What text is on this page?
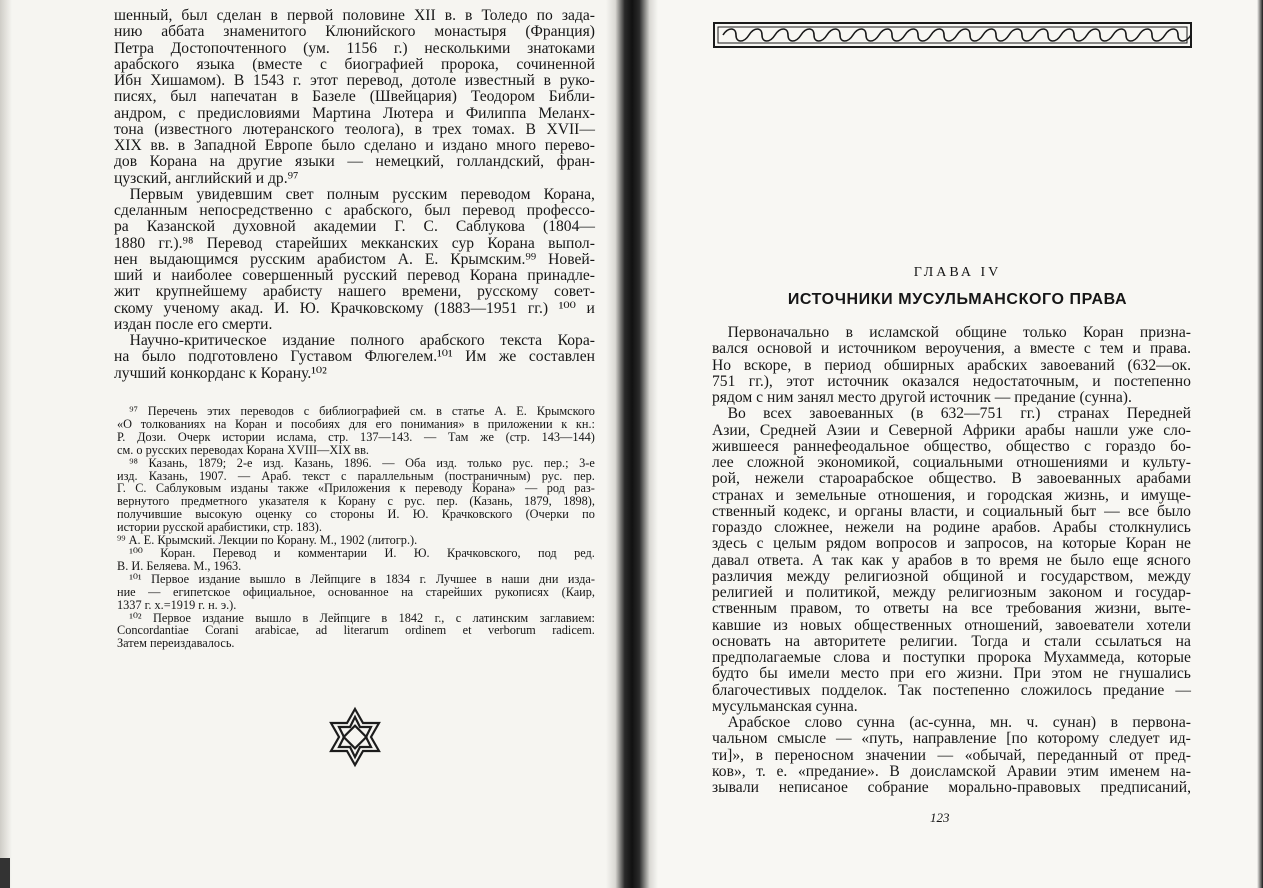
шенный, был сделан в первой половине XII в. в Толедо по зада-
нию аббата знаменитого Клюнийского монастыря (Франция)
Петра Достопочтенного (ум. 1156 г.) несколькими знатоками
арабского языка (вместе с биографией пророка, сочиненной
Ибн Хишамом). В 1543 г. этот перевод, дотоле известный в руко-
писях, был напечатан в Базеле (Швейцария) Теодором Библи-
андром, с предисловиями Мартина Лютера и Филиппа Меланх-
тона (известного лютеранского теолога), в трех томах. В XVII—
XIX вв. в Западной Европе было сделано и издано много перево-
дов Корана на другие языки — немецкий, голландский, фран-
цузский, английский и др.⁹⁷
Первым увидевшим свет полным русским переводом Корана,
сделанным непосредственно с арабского, был перевод профессо-
ра Казанской духовной академии Г. С. Саблукова (1804—
1880 гг.).⁹⁸ Перевод старейших мекканских сур Корана выпол-
нен выдающимся русским арабистом А. Е. Крымским.⁹⁹ Новей-
ший и наиболее совершенный русский перевод Корана принадле-
жит крупнейшему арабисту нашего времени, русскому совет-
скому ученому акад. И. Ю. Крачковскому (1883—1951 гг.) ¹⁰⁰ и
издан после его смерти.
Научно-критическое издание полного арабского текста Кора-
на было подготовлено Густавом Флюгелем.¹⁰¹ Им же составлен
лучший конкорданс к Корану.¹⁰²
⁹⁷ Перечень этих переводов с библиографией см. в статье А. Е. Крымского
«О толкованиях на Коран и пособиях для его понимания» в приложении к кн.:
Р. Дози. Очерк истории ислама, стр. 137—143. — Там же (стр. 143—144)
см. о русских переводах Корана XVIII—XIX вв.
⁹⁸ Казань, 1879; 2-е изд. Казань, 1896. — Оба изд. только рус. пер.; 3-е
изд. Казань, 1907. — Араб. текст с параллельным (постраничным) рус. пер.
Г. С. Саблуковым изданы также «Приложения к переводу Корана» — род раз-
вернутого предметного указателя к Корану с рус. пер. (Казань, 1879, 1898),
получившие высокую оценку со стороны И. Ю. Крачковского (Очерки по
истории русской арабистики, стр. 183).
⁹⁹ А. Е. Крымский. Лекции по Корану. М., 1902 (литогр.).
¹⁰⁰ Коран. Перевод и комментарии И. Ю. Крачковского, под ред.
В. И. Беляева. М., 1963.
¹⁰¹ Первое издание вышло в Лейпциге в 1834 г. Лучшее в наши дни изда-
ние — египетское официальное, основанное на старейших рукописях (Каир,
1337 г. х.=1919 г. н. э.).
¹⁰² Первое издание вышло в Лейпциге в 1842 г., с латинским заглавием:
Concordantiae Corani arabicae, ad literarum ordinem et verborum radicem.
Затем переиздавалось.
ГЛАВА IV
ИСТОЧНИКИ МУСУЛЬМАНСКОГО ПРАВА
Первоначально в исламской общине только Коран призна-
вался основой и источником вероучения, а вместе с тем и права.
Но вскоре, в период обширных арабских завоеваний (632—ок.
751 гг.), этот источник оказался недостаточным, и постепенно
рядом с ним занял место другой источник — предание (сунна).
Во всех завоеванных (в 632—751 гг.) странах Передней
Азии, Средней Азии и Северной Африки арабы нашли уже сло-
жившееся раннефеодальное общество, общество с гораздо бо-
лее сложной экономикой, социальными отношениями и культу-
рой, нежели староарабское общество. В завоеванных арабами
странах и земельные отношения, и городская жизнь, и имуще-
ственный кодекс, и органы власти, и социальный быт — все было
гораздо сложнее, нежели на родине арабов. Арабы столкнулись
здесь с целым рядом вопросов и запросов, на которые Коран не
давал ответа. А так как у арабов в то время не было еще ясного
различия между религиозной общиной и государством, между
религией и политикой, между религиозным законом и государ-
ственным правом, то ответы на все требования жизни, выте-
кавшие из новых общественных отношений, завоеватели хотели
основать на авторитете религии. Тогда и стали ссылаться на
предполагаемые слова и поступки пророка Мухаммеда, которые
будто бы имели место при его жизни. При этом не гнушались
благочестивых подделок. Так постепенно сложилось предание —
мусульманская сунна.
Арабское слово сунна (ас-сунна, мн. ч. сунан) в первона-
чальном смысле — «путь, направление [по которому следует ид-
ти]», в переносном значении — «обычай, переданный от пред-
ков», т. е. «предание». В доисламской Аравии этим именем на-
зывали неписаное собрание морально-правовых предписаний,
123
